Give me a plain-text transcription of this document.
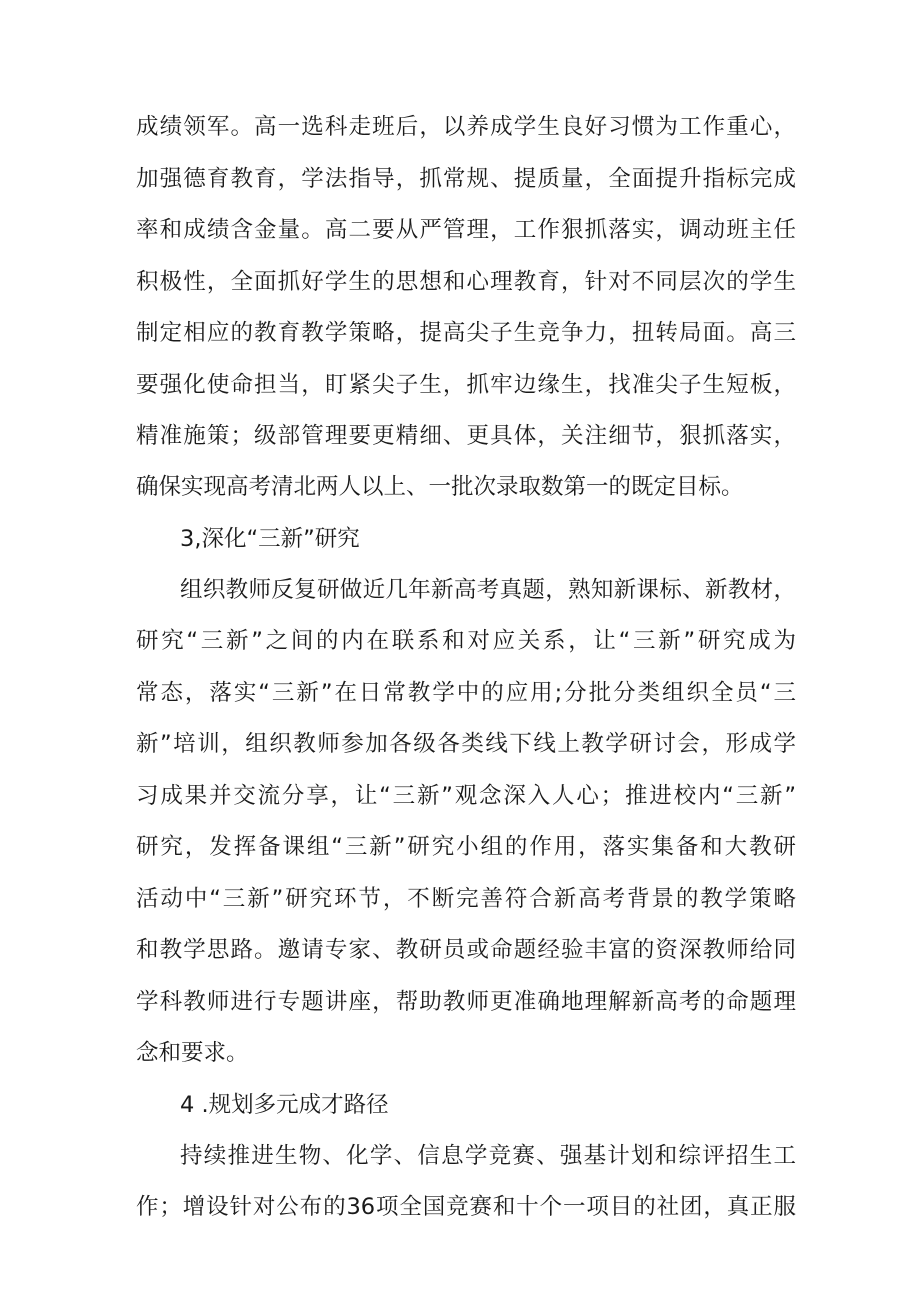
成绩领军。高一选科走班后，以养成学生良好习惯为工作重心，
加强德育教育，学法指导，抓常规、提质量，全面提升指标完成
率和成绩含金量。高二要从严管理，工作狠抓落实，调动班主任
积极性，全面抓好学生的思想和心理教育，针对不同层次的学生
制定相应的教育教学策略，提高尖子生竞争力，扭转局面。高三
要强化使命担当，盯紧尖子生，抓牢边缘生，找准尖子生短板，
精准施策；级部管理要更精细、更具体，关注细节，狠抓落实，
确保实现高考清北两人以上、一批次录取数第一的既定目标。
3,深化“三新”研究
组织教师反复研做近几年新高考真题，熟知新课标、新教材，
研究“三新”之间的内在联系和对应关系，让“三新”研究成为
常态，落实“三新”在日常教学中的应用;分批分类组织全员“三
新”培训，组织教师参加各级各类线下线上教学研讨会，形成学
习成果并交流分享，让“三新”观念深入人心；推进校内“三新”
研究，发挥备课组“三新”研究小组的作用，落实集备和大教研
活动中“三新”研究环节，不断完善符合新高考背景的教学策略
和教学思路。邀请专家、教研员或命题经验丰富的资深教师给同
学科教师进行专题讲座，帮助教师更准确地理解新高考的命题理
念和要求。
4 .规划多元成才路径
持续推进生物、化学、信息学竞赛、强基计划和综评招生工
作；增设针对公布的36项全国竞赛和十个一项目的社团，真正服
